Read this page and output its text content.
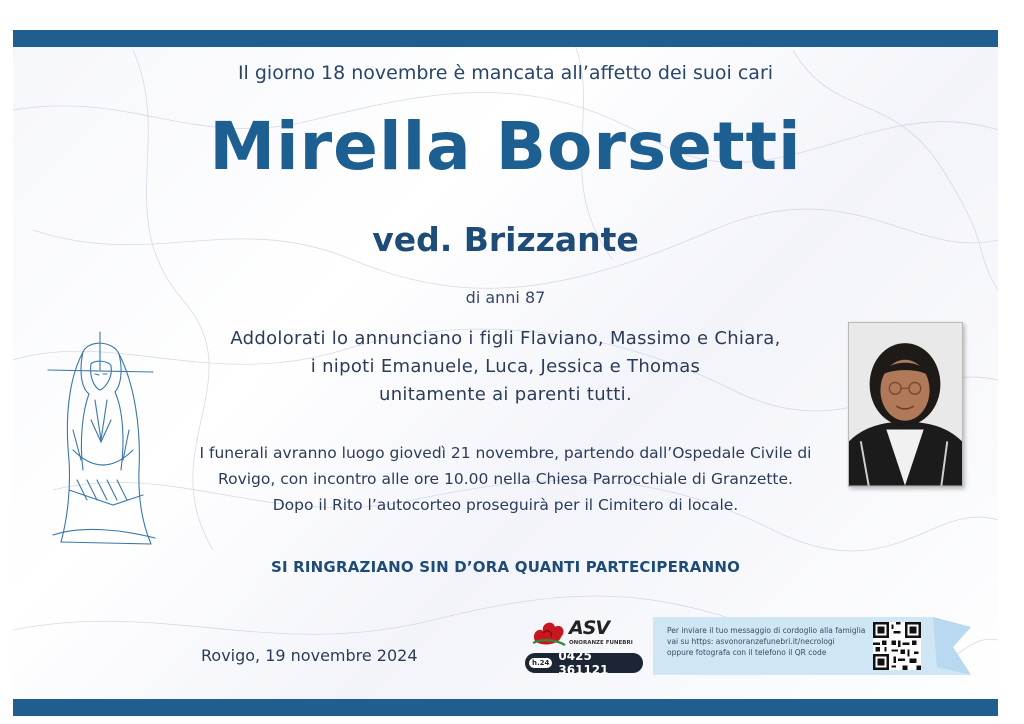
Il giorno 18 novembre è mancata all’affetto dei suoi cari
Mirella Borsetti
ved. Brizzante
di anni 87
Addolorati lo annunciano i figli Flaviano, Massimo e Chiara,
i nipoti Emanuele, Luca, Jessica e Thomas
unitamente ai parenti tutti.
I funerali avranno luogo giovedì 21 novembre, partendo dall’Ospedale Civile di
Rovigo, con incontro alle ore 10.00 nella Chiesa Parrocchiale di Granzette.
Dopo il Rito l’autocorteo proseguirà per il Cimitero di locale.
SI RINGRAZIANO SIN D’ORA QUANTI PARTECIPERANNO
Rovigo, 19 novembre 2024
ASV
ONORANZE FUNEBRI
h.24 0425 361121
Per inviare il tuo messaggio di cordoglio alla famiglia
vai su https: asvonoranzefunebri.it/necrologi
oppure fotografa con il telefono il QR code
